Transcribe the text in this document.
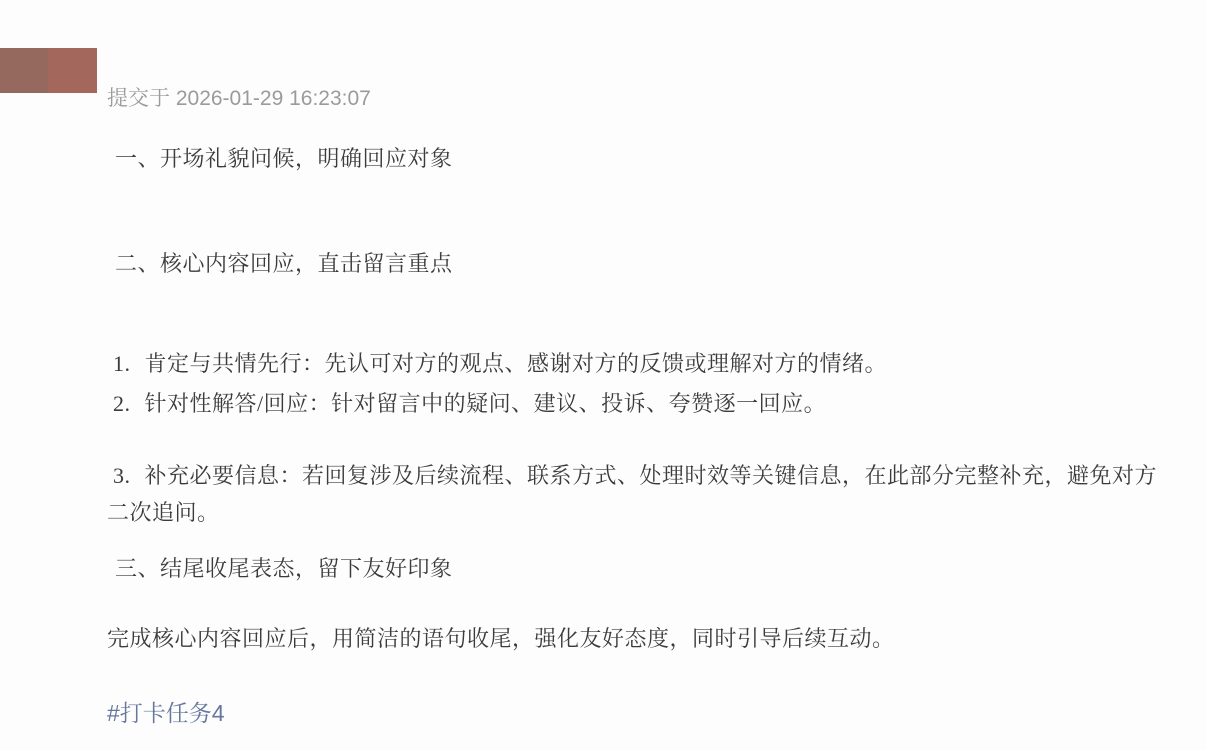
提交于 2026-01-29 16:23:07
一、开场礼貌问候，明确回应对象
二、核心内容回应，直击留言重点
1. 肯定与共情先行：先认可对方的观点、感谢对方的反馈或理解对方的情绪。
2. 针对性解答/回应：针对留言中的疑问、建议、投诉、夸赞逐一回应。
3. 补充必要信息：若回复涉及后续流程、联系方式、处理时效等关键信息，在此部分完整补充，避免对方二次追问。
三、结尾收尾表态，留下友好印象
完成核心内容回应后，用简洁的语句收尾，强化友好态度，同时引导后续互动。
#打卡任务4
